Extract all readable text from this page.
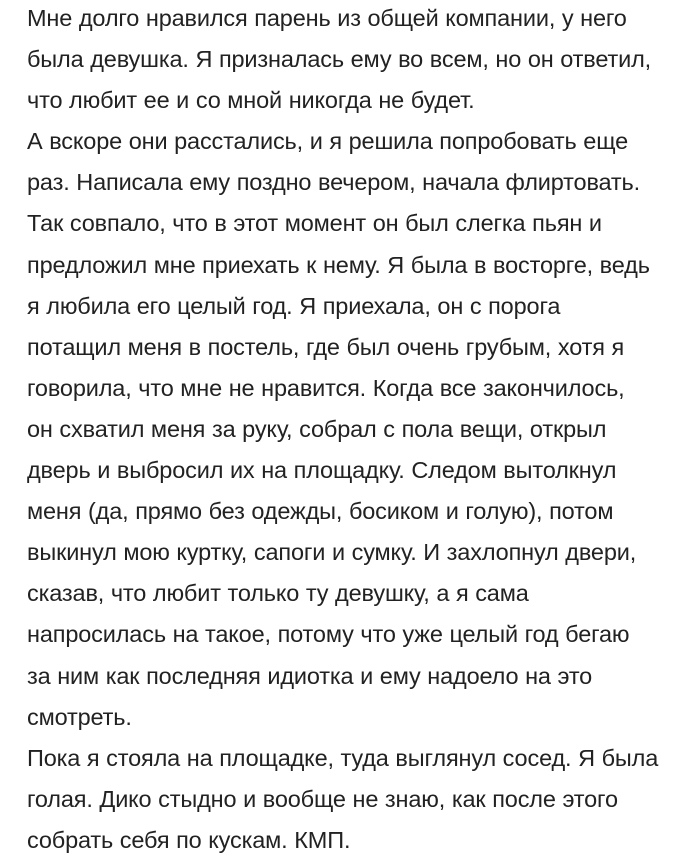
Мне долго нравился парень из общей компании, у него
была девушка. Я призналась ему во всем, но он ответил,
что любит ее и со мной никогда не будет.
А вскоре они расстались, и я решила попробовать еще
раз. Написала ему поздно вечером, начала флиртовать.
Так совпало, что в этот момент он был слегка пьян и
предложил мне приехать к нему. Я была в восторге, ведь
я любила его целый год. Я приехала, он с порога
потащил меня в постель, где был очень грубым, хотя я
говорила, что мне не нравится. Когда все закончилось,
он схватил меня за руку, собрал с пола вещи, открыл
дверь и выбросил их на площадку. Следом вытолкнул
меня (да, прямо без одежды, босиком и голую), потом
выкинул мою куртку, сапоги и сумку. И захлопнул двери,
сказав, что любит только ту девушку, а я сама
напросилась на такое, потому что уже целый год бегаю
за ним как последняя идиотка и ему надоело на это
смотреть.
Пока я стояла на площадке, туда выглянул сосед. Я была
голая. Дико стыдно и вообще не знаю, как после этого
собрать себя по кускам. КМП.
